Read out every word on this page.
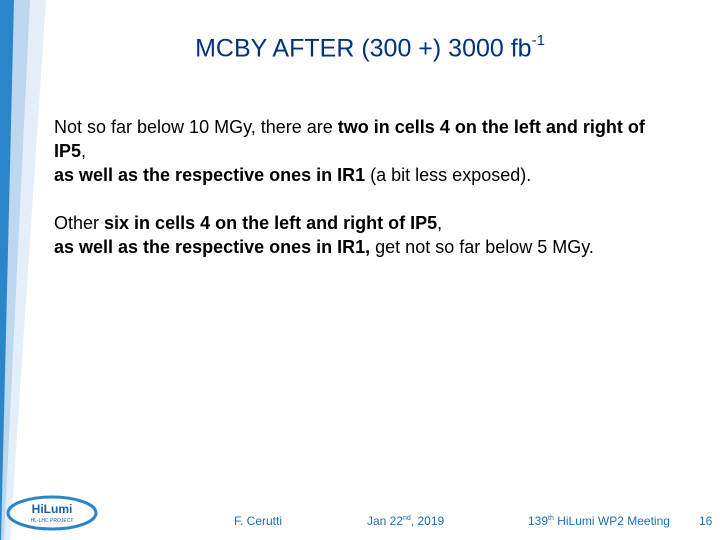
MCBY AFTER (300 +) 3000 $fb^{-1}$

Not so far below 10 MGy, there are two in cells 4 on the left and right of IP5,
as well as the respective ones in IR1 (a bit less exposed).

Other six in cells 4 on the left and right of IP5,
as well as the respective ones in IR1, get not so far below 5 MGy.

HiLumi
HL-LHC PROJECT	F. Cerutti	Jan 22nd, 2019	139th HiLumi WP2 Meeting 16
